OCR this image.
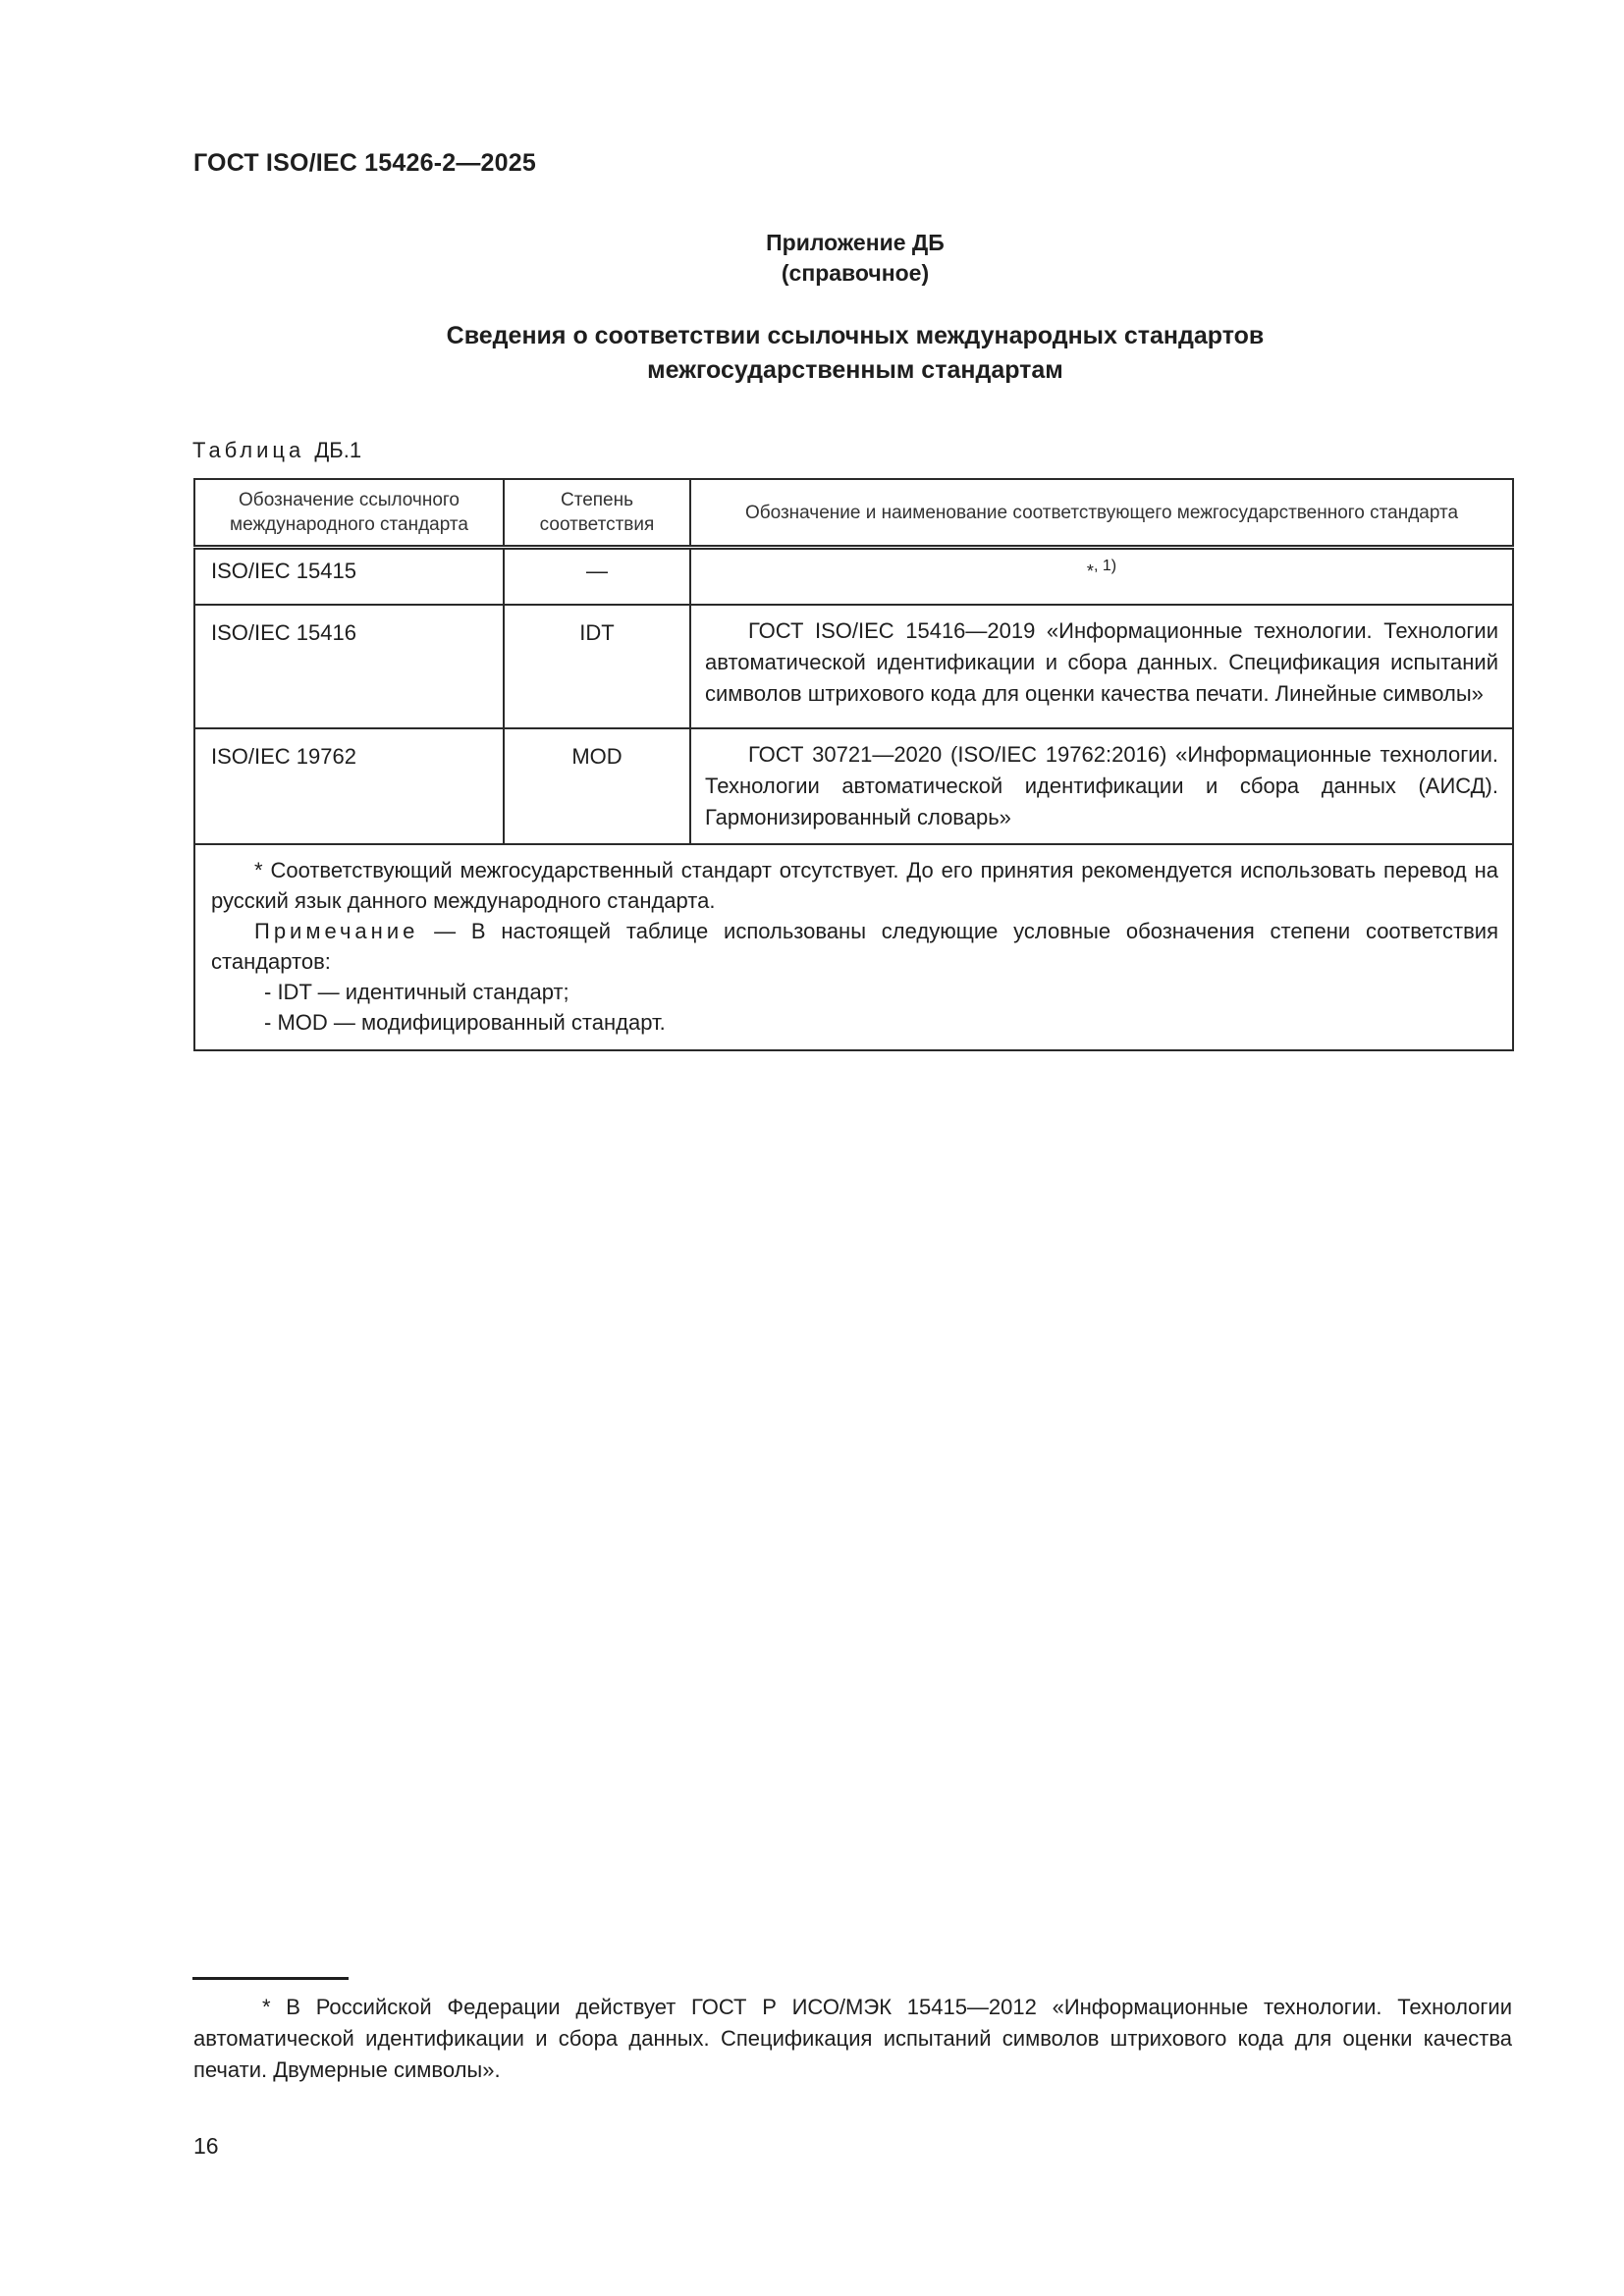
ГОСТ ISO/IEC 15426-2—2025
Приложение ДБ
(справочное)
Сведения о соответствии ссылочных международных стандартов
межгосударственным стандартам
Таблица ДБ.1
Обозначение ссылочного международного стандарта	Степень соответствия	Обозначение и наименование соответствующего межгосударственного стандарта
ISO/IEC 15415	—	*$^{, 1)}$
ISO/IEC 15416	IDT	ГОСТ ISO/IEC 15416—2019 «Информационные технологии. Технологии автоматической идентификации и сбора данных. Спецификация испытаний символов штрихового кода для оценки качества печати. Линейные символы»
ISO/IEC 19762	MOD	ГОСТ 30721—2020 (ISO/IEC 19762:2016) «Информационные технологии. Технологии автоматической идентификации и сбора данных (АИСД). Гармонизированный словарь»

* Соответствующий межгосударственный стандарт отсутствует. До его принятия рекомендуется использовать перевод на русский язык данного международного стандарта.

Примечание — В настоящей таблице использованы следующие условные обозначения степени соответствия стандартов:

- IDT — идентичный стандарт;

- MOD — модифицированный стандарт.		

* В Российской Федерации действует ГОСТ Р ИСО/МЭК 15415—2012 «Информационные технологии. Технологии автоматической идентификации и сбора данных. Спецификация испытаний символов штрихового кода для оценки качества печати. Двумерные символы».

16
